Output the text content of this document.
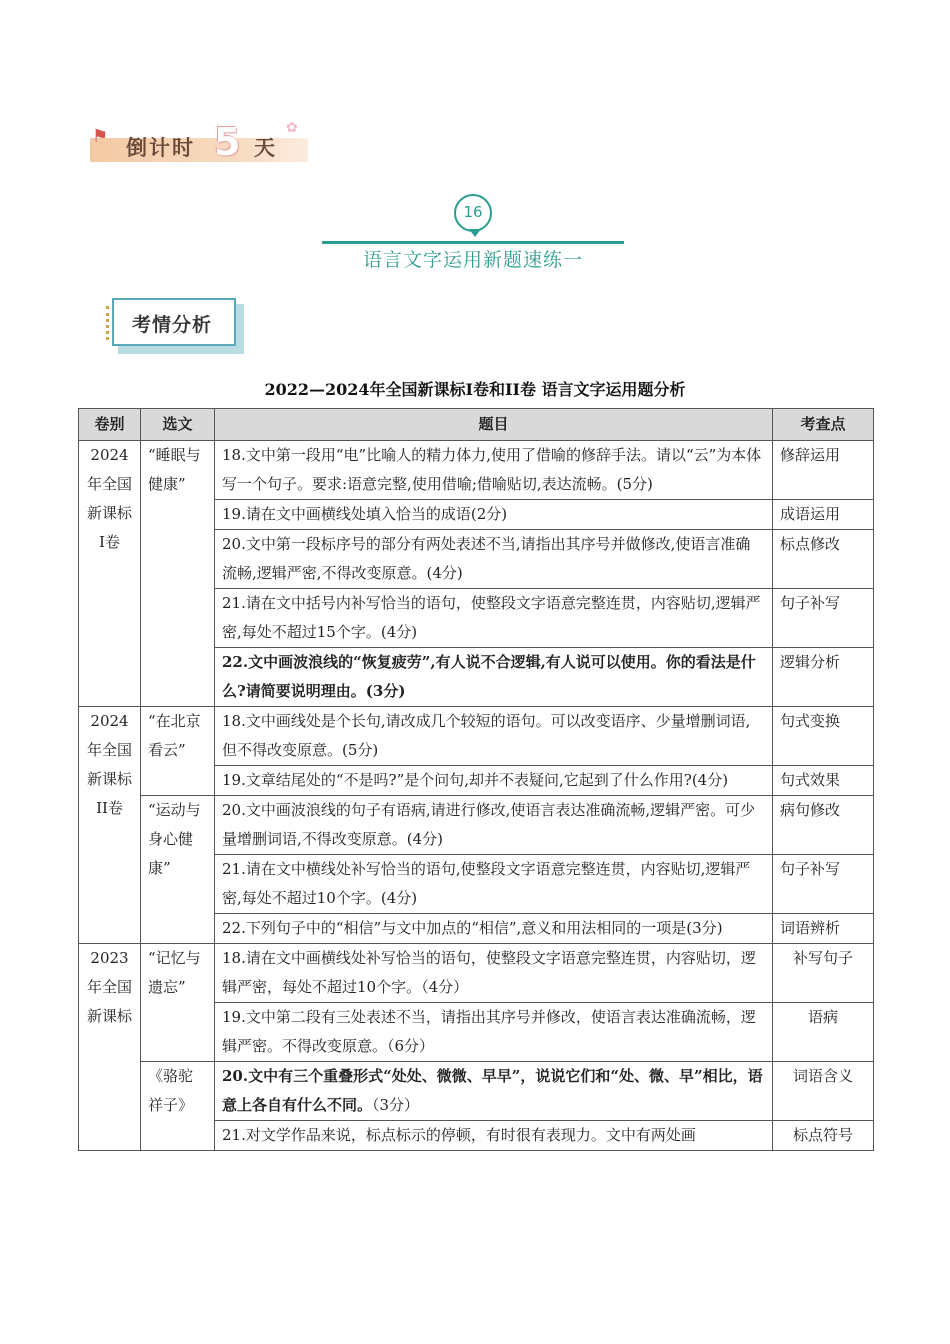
⚑ 倒计时 5 天
✿
16
语言文字运用新题速练一
考情分析
2022—2024年全国新课标Ⅰ卷和II卷 语言文字运用题分析
卷别	选文	题目	考查点
2024年全国新课标Ⅰ卷	“睡眠与健康”	18.文中第一段用“电”比喻人的精力体力,使用了借喻的修辞手法。请以“云”为本体写一个句子。要求:语意完整,使用借喻;借喻贴切,表达流畅。(5分)	修辞运用
		19.请在文中画横线处填入恰当的成语(2分)	成语运用
		20.文中第一段标序号的部分有两处表述不当,请指出其序号并做修改,使语言准确流畅,逻辑严密,不得改变原意。(4分)	标点修改
		21.请在文中括号内补写恰当的语句，使整段文字语意完整连贯，内容贴切,逻辑严密,每处不超过15个字。(4分)	句子补写
		22.文中画波浪线的“恢复疲劳”,有人说不合逻辑,有人说可以使用。你的看法是什么?请简要说明理由。(3分)	逻辑分析
2024年全国新课标II卷	“在北京看云”	18.文中画线处是个长句,请改成几个较短的语句。可以改变语序、少量增删词语,但不得改变原意。(5分)	句式变换
		19.文章结尾处的“不是吗?”是个问句,却并不表疑问,它起到了什么作用?(4分)	句式效果
	“运动与身心健康”	20.文中画波浪线的句子有语病,请进行修改,使语言表达准确流畅,逻辑严密。可少量增删词语,不得改变原意。(4分)	病句修改
		21.请在文中横线处补写恰当的语句,使整段文字语意完整连贯，内容贴切,逻辑严密,每处不超过10个字。(4分)	句子补写
		22.下列句子中的“相信”与文中加点的“相信”,意义和用法相同的一项是(3分)	词语辨析
2023年全国新课标	“记忆与遗忘”	18.请在文中画横线处补写恰当的语句，使整段文字语意完整连贯，内容贴切，逻辑严密，每处不超过10个字。（4分）	补写句子
		19.文中第二段有三处表述不当，请指出其序号并修改，使语言表达准确流畅，逻辑严密。不得改变原意。（6分）	语病
	《骆驼祥子》	20.文中有三个重叠形式“处处、微微、早早”，说说它们和“处、微、早”相比，语意上各自有什么不同。（3分）	词语含义
		21.对文学作品来说，标点标示的停顿，有时很有表现力。文中有两处画	标点符号
